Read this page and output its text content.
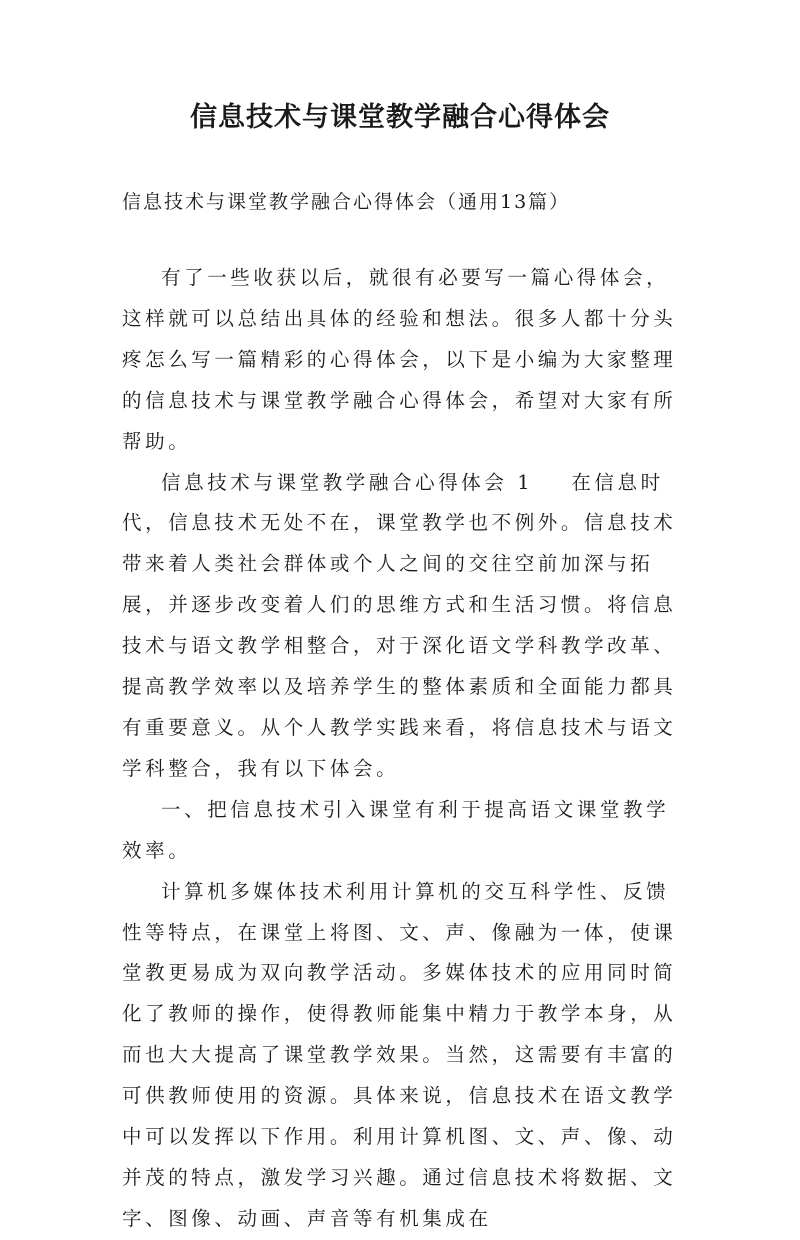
信息技术与课堂教学融合心得体会

信息技术与课堂教学融合心得体会（通用13篇）

有了一些收获以后，就很有必要写一篇心得体会，这样就可以总结出具体的经验和想法。很多人都十分头疼怎么写一篇精彩的心得体会，以下是小编为大家整理的信息技术与课堂教学融合心得体会，希望对大家有所帮助。

信息技术与课堂教学融合心得体会 1 在信息时代，信息技术无处不在，课堂教学也不例外。信息技术带来着人类社会群体或个人之间的交往空前加深与拓展，并逐步改变着人们的思维方式和生活习惯。将信息技术与语文教学相整合，对于深化语文学科教学改革、提高教学效率以及培养学生的整体素质和全面能力都具有重要意义。从个人教学实践来看，将信息技术与语文学科整合，我有以下体会。

一、把信息技术引入课堂有利于提高语文课堂教学效率。

计算机多媒体技术利用计算机的交互科学性、反馈性等特点，在课堂上将图、文、声、像融为一体，使课堂教更易成为双向教学活动。多媒体技术的应用同时简化了教师的操作，使得教师能集中精力于教学本身，从而也大大提高了课堂教学效果。当然，这需要有丰富的可供教师使用的资源。具体来说，信息技术在语文教学中可以发挥以下作用。利用计算机图、文、声、像、动并茂的特点，激发学习兴趣。通过信息技术将数据、文字、图像、动画、声音等有机集成在
